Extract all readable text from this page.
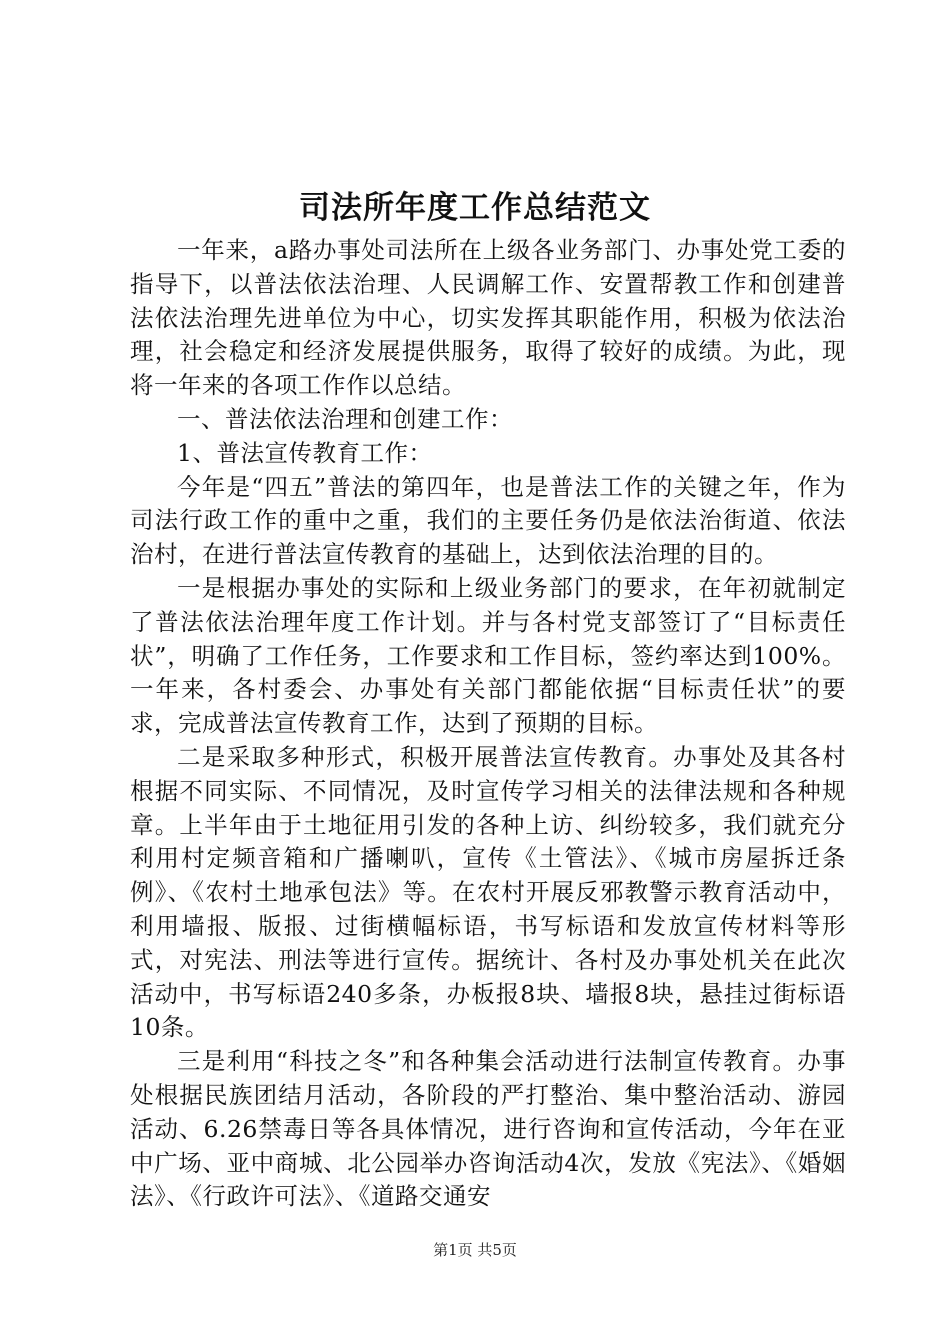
司法所年度工作总结范文

一年来，a路办事处司法所在上级各业务部门、办事处党工委的指导下，以普法依法治理、人民调解工作、安置帮教工作和创建普法依法治理先进单位为中心，切实发挥其职能作用，积极为依法治理，社会稳定和经济发展提供服务，取得了较好的成绩。为此，现将一年来的各项工作作以总结。

一、普法依法治理和创建工作：

1、普法宣传教育工作：

今年是“四五”普法的第四年，也是普法工作的关键之年，作为司法行政工作的重中之重，我们的主要任务仍是依法治街道、依法治村，在进行普法宣传教育的基础上，达到依法治理的目的。

一是根据办事处的实际和上级业务部门的要求，在年初就制定了普法依法治理年度工作计划。并与各村党支部签订了“目标责任状”，明确了工作任务，工作要求和工作目标，签约率达到100%。一年来，各村委会、办事处有关部门都能依据“目标责任状”的要求，完成普法宣传教育工作，达到了预期的目标。

二是采取多种形式，积极开展普法宣传教育。办事处及其各村根据不同实际、不同情况，及时宣传学习相关的法律法规和各种规章。上半年由于土地征用引发的各种上访、纠纷较多，我们就充分利用村定频音箱和广播喇叭，宣传《土管法》、《城市房屋拆迁条例》、《农村土地承包法》等。在农村开展反邪教警示教育活动中，利用墙报、版报、过街横幅标语，书写标语和发放宣传材料等形式，对宪法、刑法等进行宣传。据统计、各村及办事处机关在此次活动中，书写标语240多条，办板报8块、墙报8块，悬挂过街标语10条。

三是利用“科技之冬”和各种集会活动进行法制宣传教育。办事处根据民族团结月活动，各阶段的严打整治、集中整治活动、游园活动、6.26禁毒日等各具体情况，进行咨询和宣传活动，今年在亚中广场、亚中商城、北公园举办咨询活动4次，发放《宪法》、《婚姻法》、《行政许可法》、《道路交通安

第1页 共5页
